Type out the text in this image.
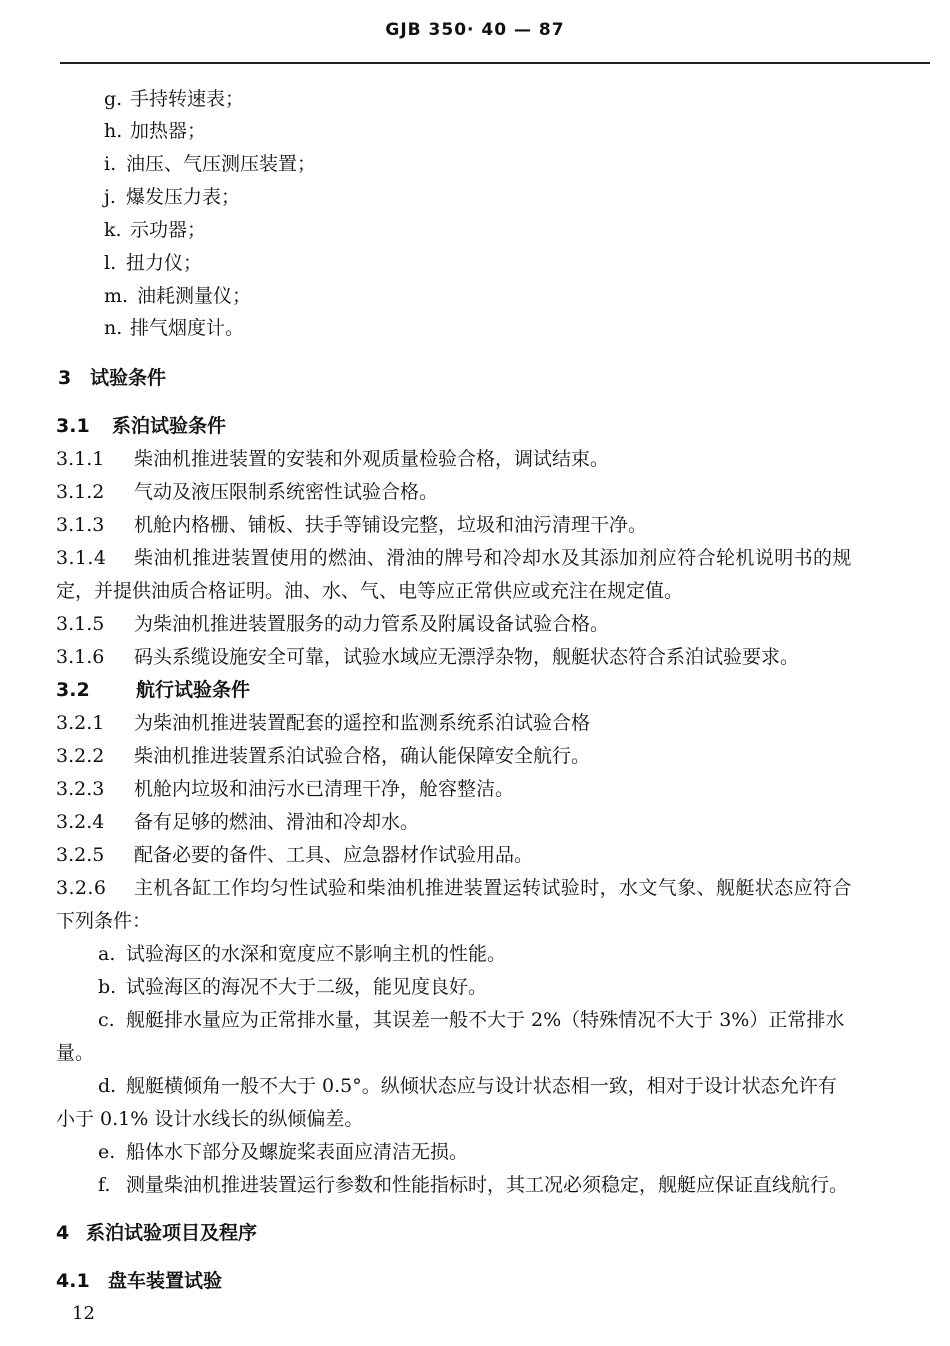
GJB 350· 40 — 87
g. 手持转速表；
h. 加热器；
i. 油压、气压测压装置；
j. 爆发压力表；
k. 示功器；
l. 扭力仪；
m. 油耗测量仪；
n. 排气烟度计。
3 试验条件
3.1 系泊试验条件
3.1.1 柴油机推进装置的安装和外观质量检验合格，调试结束。
3.1.2 气动及液压限制系统密性试验合格。
3.1.3 机舱内格栅、铺板、扶手等铺设完整，垃圾和油污清理干净。
3.1.4 柴油机推进装置使用的燃油、滑油的牌号和冷却水及其添加剂应符合轮机说明书的规
定，并提供油质合格证明。油、水、气、电等应正常供应或充注在规定值。
3.1.5 为柴油机推进装置服务的动力管系及附属设备试验合格。
3.1.6 码头系缆设施安全可靠，试验水域应无漂浮杂物，舰艇状态符合系泊试验要求。
3.2 航行试验条件
3.2.1 为柴油机推进装置配套的遥控和监测系统系泊试验合格
3.2.2 柴油机推进装置系泊试验合格，确认能保障安全航行。
3.2.3 机舱内垃圾和油污水已清理干净，舱容整洁。
3.2.4 备有足够的燃油、滑油和冷却水。
3.2.5 配备必要的备件、工具、应急器材作试验用品。
3.2.6 主机各缸工作均匀性试验和柴油机推进装置运转试验时，水文气象、舰艇状态应符合
下列条件：
a. 试验海区的水深和宽度应不影响主机的性能。
b. 试验海区的海况不大于二级，能见度良好。
c. 舰艇排水量应为正常排水量，其误差一般不大于 2%（特殊情况不大于 3%）正常排水
量。
d. 舰艇横倾角一般不大于 0.5°。纵倾状态应与设计状态相一致，相对于设计状态允许有
小于 0.1% 设计水线长的纵倾偏差。
e. 船体水下部分及螺旋桨表面应清洁无损。
f. 测量柴油机推进装置运行参数和性能指标时，其工况必须稳定，舰艇应保证直线航行。
4 系泊试验项目及程序
4.1 盘车装置试验
12
